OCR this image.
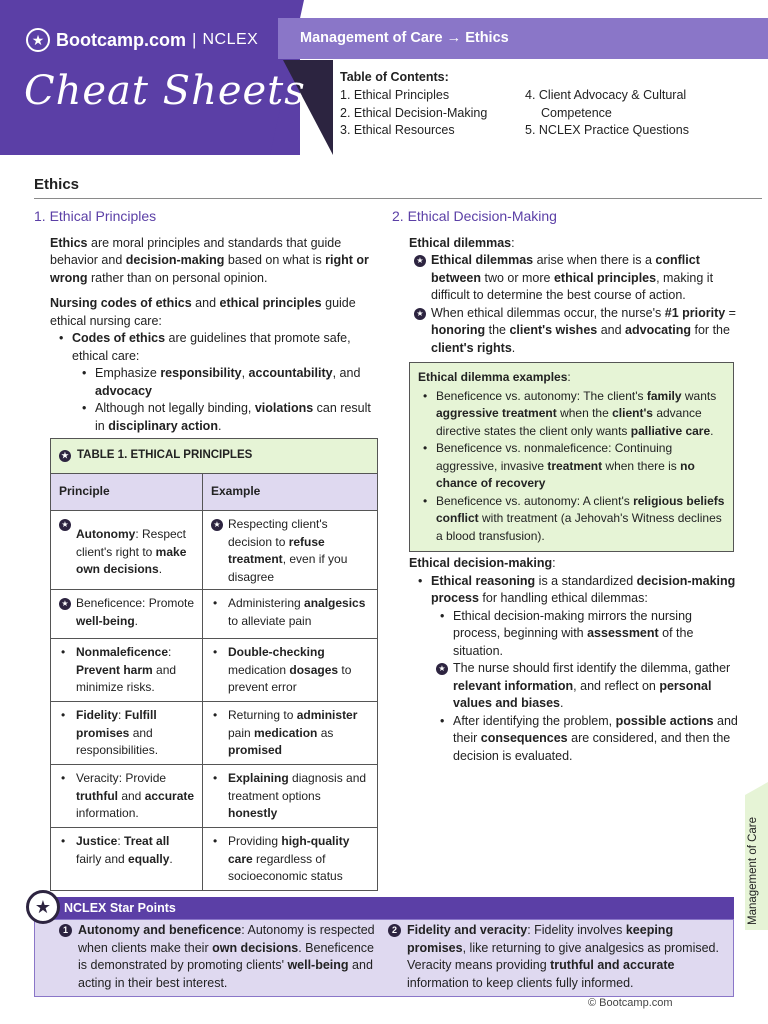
★ Bootcamp.com | NCLEX
Cheat Sheets
Management of Care → Ethics
Table of Contents:
1. Ethical Principles
2. Ethical Decision-Making
3. Ethical Resources
4. Client Advocacy & Cultural
Competence
5. NCLEX Practice Questions
Ethics
1. Ethical Principles

Ethics are moral principles and standards that guide behavior and decision-making based on what is right or wrong rather than on personal opinion.

Nursing codes of ethics and ethical principles guide ethical nursing care:

• Codes of ethics are guidelines that promote safe, ethical care:
• Emphasize responsibility, accountability, and advocacy
• Although not legally binding, violations can result in disciplinary action.
★ TABLE 1. ETHICAL PRINCIPLES
Principle	Example
★
Autonomy: Respect client's right to make own decisions.
★ Respecting client's decision to refuse treatment, even if you disagree
★ Beneficence: Promote well-being.
• Administering analgesics to alleviate pain
• Nonmaleficence: Prevent harm and minimize risks.
• Double-checking medication dosages to prevent error
• Fidelity: Fulfill promises and responsibilities.
• Returning to administer pain medication as promised
• Veracity: Provide truthful and accurate information.
• Explaining diagnosis and treatment options honestly
• Justice: Treat all fairly and equally.
• Providing high-quality care regardless of socioeconomic status
2. Ethical Decision-Making
Ethical dilemmas:
★ Ethical dilemmas arise when there is a conflict between two or more ethical principles, making it difficult to determine the best course of action.
★ When ethical dilemmas occur, the nurse's #1 priority = honoring the client's wishes and advocating for the client's rights.
Ethical dilemma examples:
• Beneficence vs. autonomy: The client's family wants aggressive treatment when the client's advance directive states the client only wants palliative care.
• Beneficence vs. nonmaleficence: Continuing aggressive, invasive treatment when there is no chance of recovery
• Beneficence vs. autonomy: A client's religious beliefs conflict with treatment (a Jehovah's Witness declines a blood transfusion).
Ethical decision-making:
• Ethical reasoning is a standardized decision-making process for handling ethical dilemmas:
• Ethical decision-making mirrors the nursing process, beginning with assessment of the situation.
★ The nurse should first identify the dilemma, gather relevant information, and reflect on personal values and biases.
• After identifying the problem, possible actions and their consequences are considered, and then the decision is evaluated.
NCLEX Star Points
★
1 Autonomy and beneficence: Autonomy is respected when clients make their own decisions. Beneficence is demonstrated by promoting clients' well-being and acting in their best interest.
2 Fidelity and veracity: Fidelity involves keeping promises, like returning to give analgesics as promised. Veracity means providing truthful and accurate information to keep clients fully informed.
Management of Care
© Bootcamp.com
